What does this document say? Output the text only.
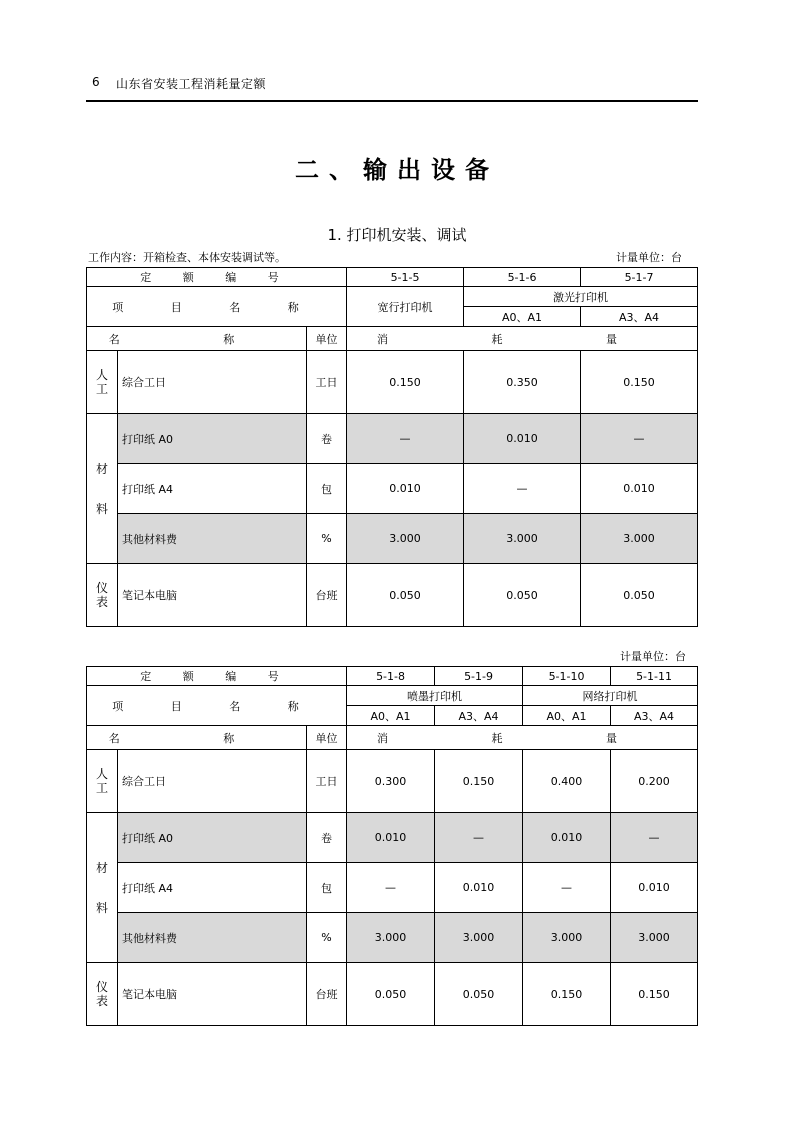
6 山东省安装工程消耗量定额
二、输出设备
1. 打印机安装、调试
工作内容：开箱检查、本体安装调试等。	计量单位：台
定 额 编 号			5-1-5	5-1-6	5-1-7
项 目 名 称			宽行打印机	激光打印机	
				A0、A1	A3、A4
名 称		单位	消 耗 量		

人
工	综合工日	工日	0.150	0.350	0.150

材
料	打印纸 A0	卷	—	0.010	—
	打印纸 A4	包	0.010	—	0.010
	其他材料费	%	3.000	3.000	3.000

仪
表	笔记本电脑	台班	0.050	0.050	0.050
计量单位：台
定 额 编 号			5-1-8	5-1-9	5-1-10	5-1-11
项 目 名 称			喷墨打印机		网络打印机	
			A0、A1	A3、A4	A0、A1	A3、A4
名 称		单位	消 耗 量			

人
工	综合工日	工日	0.300	0.150	0.400	0.200

材
料	打印纸 A0	卷	0.010	—	0.010	—
	打印纸 A4	包	—	0.010	—	0.010
	其他材料费	%	3.000	3.000	3.000	3.000

仪
表	笔记本电脑	台班	0.050	0.050	0.150	0.150
